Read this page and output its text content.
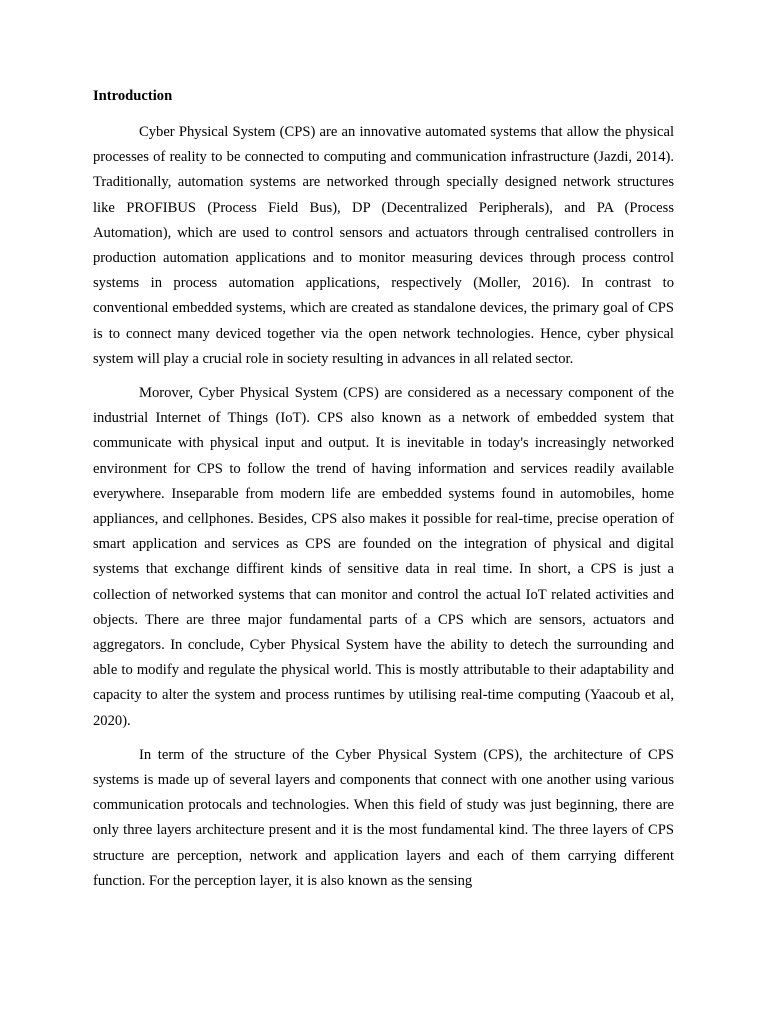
Introduction

Cyber Physical System (CPS) are an innovative automated systems that allow the physical processes of reality to be connected to computing and communication infrastructure (Jazdi, 2014). Traditionally, automation systems are networked through specially designed network structures like PROFIBUS (Process Field Bus), DP (Decentralized Peripherals), and PA (Process Automation), which are used to control sensors and actuators through centralised controllers in production automation applications and to monitor measuring devices through process control systems in process automation applications, respectively (Moller, 2016). In contrast to conventional embedded systems, which are created as standalone devices, the primary goal of CPS is to connect many deviced together via the open network technologies. Hence, cyber physical system will play a crucial role in society resulting in advances in all related sector.

Morover, Cyber Physical System (CPS) are considered as a necessary component of the industrial Internet of Things (IoT). CPS also known as a network of embedded system that communicate with physical input and output. It is inevitable in today's increasingly networked environment for CPS to follow the trend of having information and services readily available everywhere. Inseparable from modern life are embedded systems found in automobiles, home appliances, and cellphones. Besides, CPS also makes it possible for real-time, precise operation of smart application and services as CPS are founded on the integration of physical and digital systems that exchange diffirent kinds of sensitive data in real time. In short, a CPS is just a collection of networked systems that can monitor and control the actual IoT related activities and objects. There are three major fundamental parts of a CPS which are sensors, actuators and aggregators. In conclude, Cyber Physical System have the ability to detech the surrounding and able to modify and regulate the physical world. This is mostly attributable to their adaptability and capacity to alter the system and process runtimes by utilising real-time computing (Yaacoub et al, 2020).

In term of the structure of the Cyber Physical System (CPS), the architecture of CPS systems is made up of several layers and components that connect with one another using various communication protocals and technologies. When this field of study was just beginning, there are only three layers architecture present and it is the most fundamental kind. The three layers of CPS structure are perception, network and application layers and each of them carrying different function. For the perception layer, it is also known as the sensing
